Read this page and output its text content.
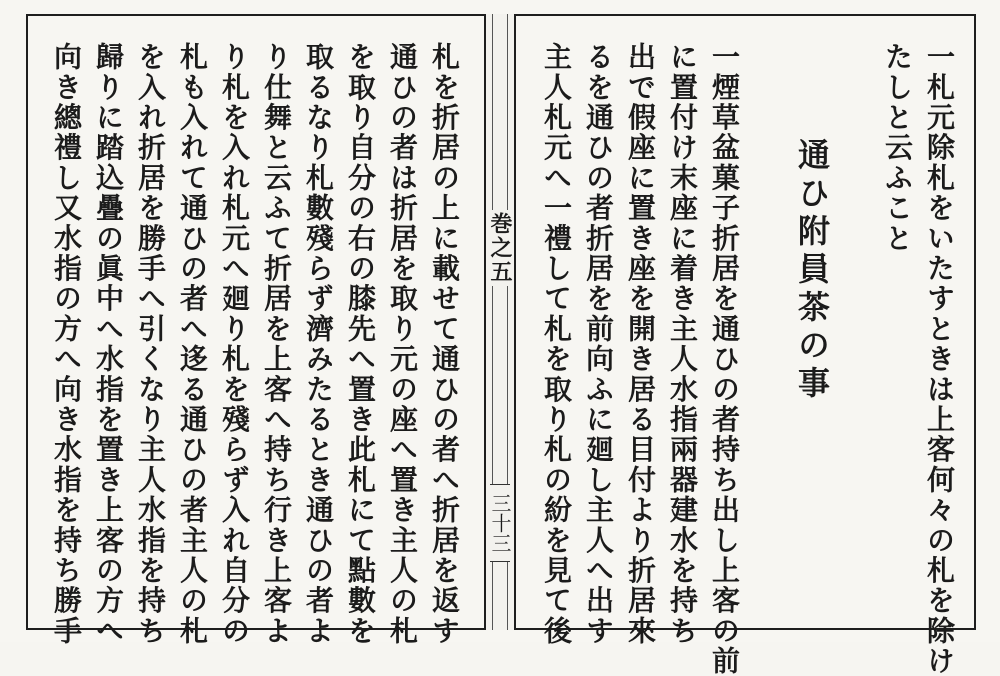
巻之五
三十三	一札元除札をいたすときは上客何々の札を除け
たしと云ふこと
通ひ附員茶の事
一煙草盆菓子折居を通ひの者持ち出し上客の前
に置付け末座に着き主人水指兩器建水を持ち
出で假座に置き座を開き居る目付より折居來
るを通ひの者折居を前向ふに廻し主人へ出す
主人札元へ一禮して札を取り札の紛を見て後
札を折居の上に載せて通ひの者へ折居を返す
通ひの者は折居を取り元の座へ置き主人の札
を取り自分の右の膝先へ置き此札にて點數を
取るなり札數殘らず濟みたるとき通ひの者よ
り仕舞と云ふて折居を上客へ持ち行き上客よ
り札を入れ札元へ廻り札を殘らず入れ自分の
札も入れて通ひの者へ迻る通ひの者主人の札
を入れ折居を勝手へ引くなり主人水指を持ち
歸りに踏込疊の眞中へ水指を置き上客の方へ
向き總禮し又水指の方へ向き水指を持ち勝手
